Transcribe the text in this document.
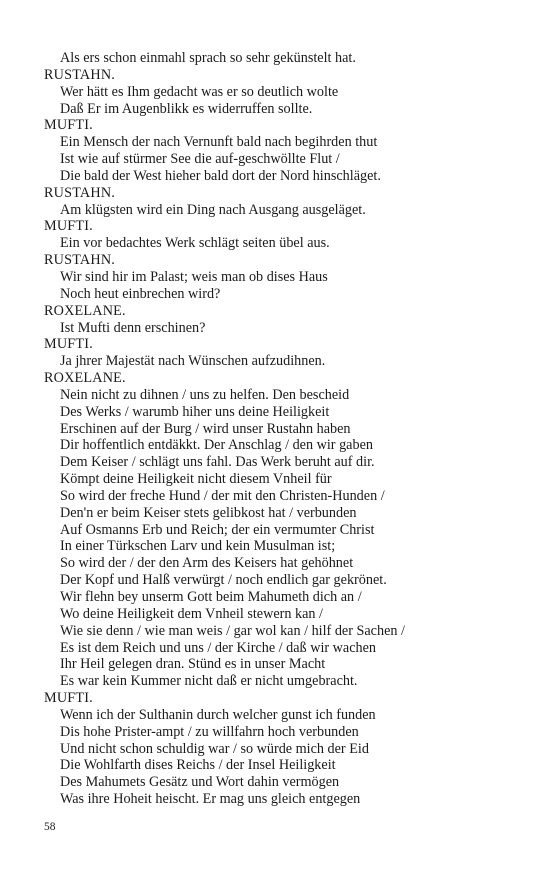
Als ers schon einmahl sprach so sehr gekünstelt hat.
RUSTAHN.
Wer hätt es Ihm gedacht was er so deutlich wolte
Daß Er im Augenblikk es widerruffen sollte.
MUFTI.
Ein Mensch der nach Vernunft bald nach begihrden thut
Ist wie auf stürmer See die auf-geschwöllte Flut /
Die bald der West hieher bald dort der Nord hinschläget.
RUSTAHN.
Am klügsten wird ein Ding nach Ausgang ausgeläget.
MUFTI.
Ein vor bedachtes Werk schlägt seiten übel aus.
RUSTAHN.
Wir sind hir im Palast; weis man ob dises Haus
Noch heut einbrechen wird?
ROXELANE.
Ist Mufti denn erschinen?
MUFTI.
Ja jhrer Majestät nach Wünschen aufzudihnen.
ROXELANE.
Nein nicht zu dihnen / uns zu helfen. Den bescheid
Des Werks / warumb hiher uns deine Heiligkeit
Erschinen auf der Burg / wird unser Rustahn haben
Dir hoffentlich entdäkkt. Der Anschlag / den wir gaben
Dem Keiser / schlägt uns fahl. Das Werk beruht auf dir.
Kömpt deine Heiligkeit nicht diesem Vnheil für
So wird der freche Hund / der mit den Christen-Hunden /
Den'n er beim Keiser stets gelibkost hat / verbunden
Auf Osmanns Erb und Reich; der ein vermumter Christ
In einer Türkschen Larv und kein Musulman ist;
So wird der / der den Arm des Keisers hat gehöhnet
Der Kopf und Halß verwürgt / noch endlich gar gekrönet.
Wir flehn bey unserm Gott beim Mahumeth dich an /
Wo deine Heiligkeit dem Vnheil stewern kan /
Wie sie denn / wie man weis / gar wol kan / hilf der Sachen /
Es ist dem Reich und uns / der Kirche / daß wir wachen
Ihr Heil gelegen dran. Stünd es in unser Macht
Es war kein Kummer nicht daß er nicht umgebracht.
MUFTI.
Wenn ich der Sulthanin durch welcher gunst ich funden
Dis hohe Prister-ampt / zu willfahrn hoch verbunden
Und nicht schon schuldig war / so würde mich der Eid
Die Wohlfarth dises Reichs / der Insel Heiligkeit
Des Mahumets Gesätz und Wort dahin vermögen
Was ihre Hoheit heischt. Er mag uns gleich entgegen
58
